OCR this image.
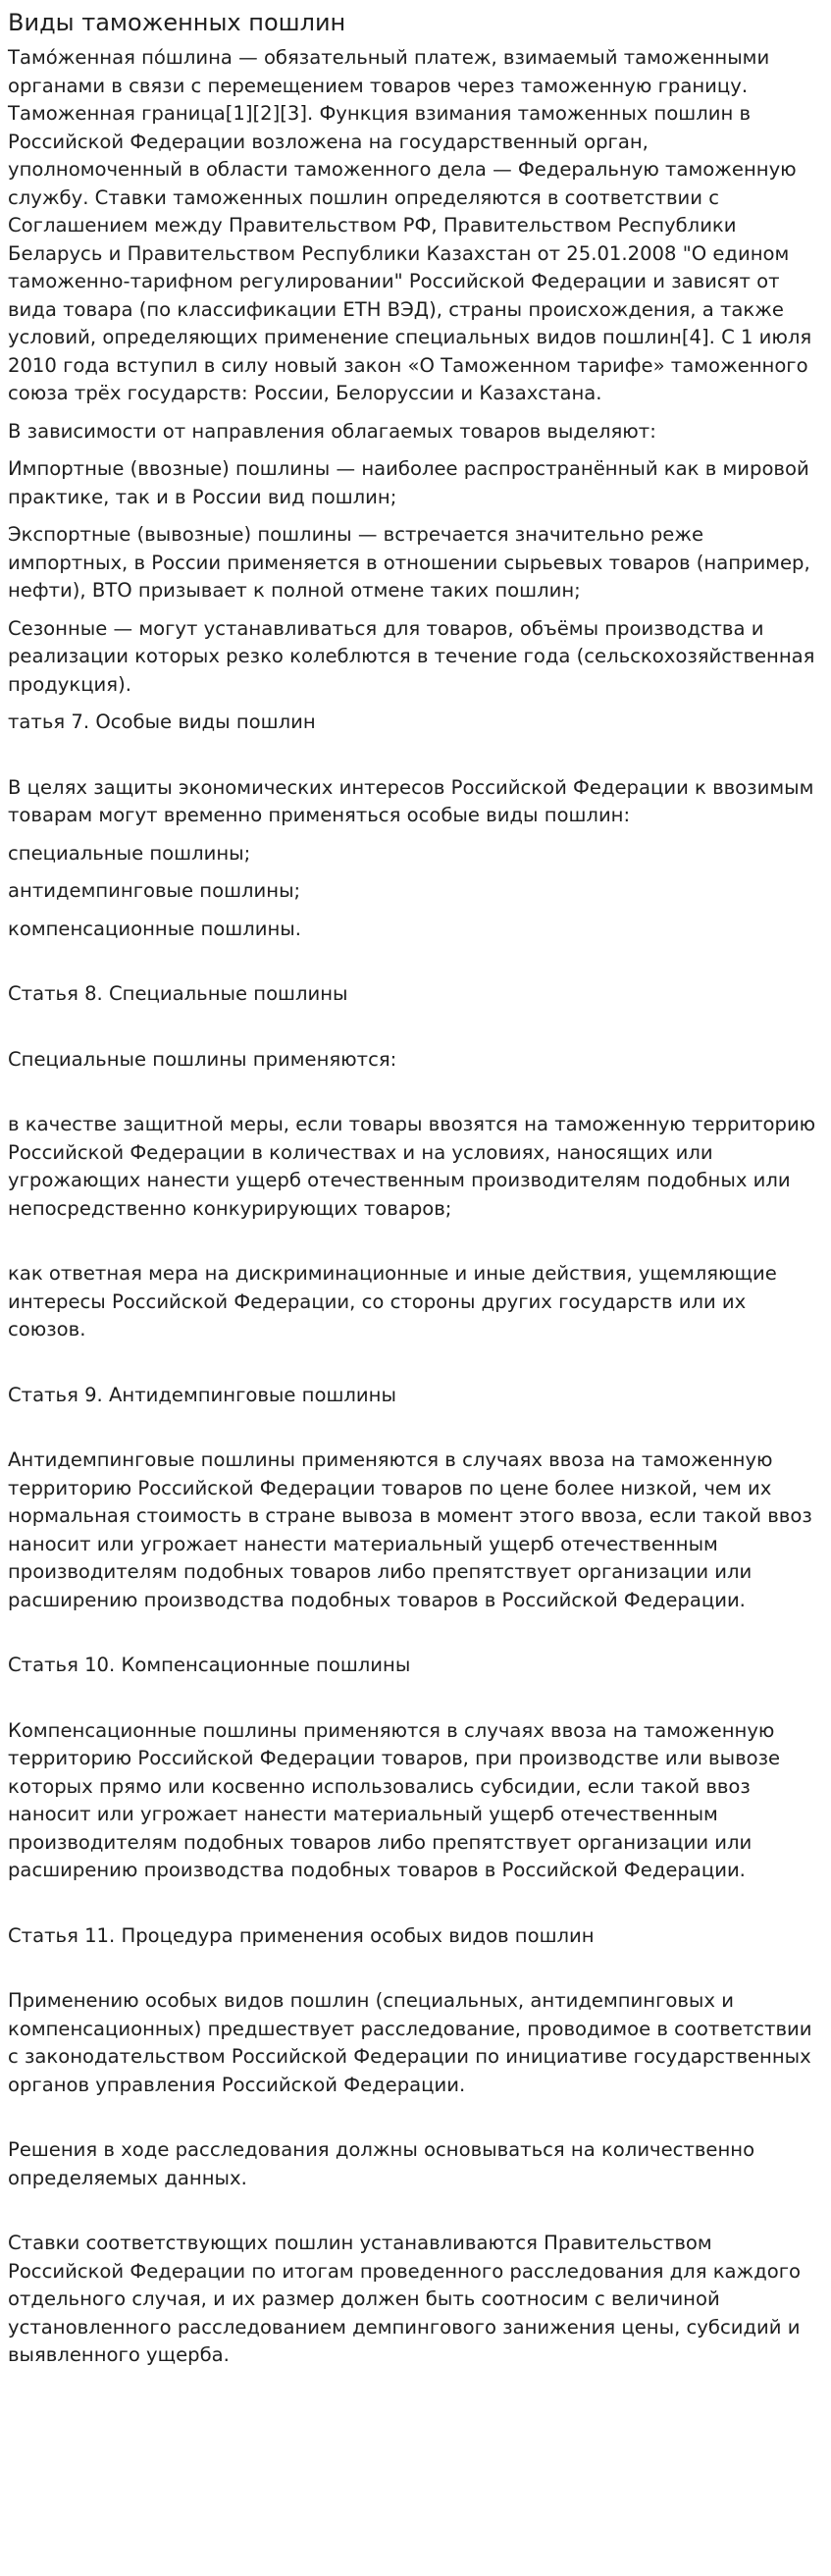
Виды таможенных пошлин

Тамо́женная по́шлина — обязательный платеж, взимаемый таможенными органами в связи с перемещением товаров через таможенную границу. Таможенная граница[1][2][3]. Функция взимания таможенных пошлин в Российской Федерации возложена на государственный орган, уполномоченный в области таможенного дела — Федеральную таможенную службу. Ставки таможенных пошлин определяются в соответствии с Соглашением между Правительством РФ, Правительством Республики Беларусь и Правительством Республики Казахстан от 25.01.2008 "О едином таможенно-тарифном регулировании" Российской Федерации и зависят от вида товара (по классификации ЕТН ВЭД), страны происхождения, а также условий, определяющих применение специальных видов пошлин[4]. С 1 июля 2010 года вступил в силу новый закон «О Таможенном тарифе» таможенного союза трёх государств: России, Белоруссии и Казахстана.

В зависимости от направления облагаемых товаров выделяют:

Импортные (ввозные) пошлины — наиболее распространённый как в мировой практике, так и в России вид пошлин;

Экспортные (вывозные) пошлины — встречается значительно реже импортных, в России применяется в отношении сырьевых товаров (например, нефти), ВТО призывает к полной отмене таких пошлин;

Сезонные — могут устанавливаться для товаров, объёмы производства и реализации которых резко колеблются в течение года (сельскохозяйственная продукция).

татья 7. Особые виды пошлин

В целях защиты экономических интересов Российской Федерации к ввозимым товарам могут временно применяться особые виды пошлин:

специальные пошлины;

антидемпинговые пошлины;

компенсационные пошлины.

Статья 8. Специальные пошлины

Специальные пошлины применяются:

в качестве защитной меры, если товары ввозятся на таможенную территорию Российской Федерации в количествах и на условиях, наносящих или угрожающих нанести ущерб отечественным производителям подобных или непосредственно конкурирующих товаров;

как ответная мера на дискриминационные и иные действия, ущемляющие интересы Российской Федерации, со стороны других государств или их союзов.

Статья 9. Антидемпинговые пошлины

Антидемпинговые пошлины применяются в случаях ввоза на таможенную территорию Российской Федерации товаров по цене более низкой, чем их нормальная стоимость в стране вывоза в момент этого ввоза, если такой ввоз наносит или угрожает нанести материальный ущерб отечественным производителям подобных товаров либо препятствует организации или расширению производства подобных товаров в Российской Федерации.

Статья 10. Компенсационные пошлины

Компенсационные пошлины применяются в случаях ввоза на таможенную территорию Российской Федерации товаров, при производстве или вывозе которых прямо или косвенно использовались субсидии, если такой ввоз наносит или угрожает нанести материальный ущерб отечественным производителям подобных товаров либо препятствует организации или расширению производства подобных товаров в Российской Федерации.

Статья 11. Процедура применения особых видов пошлин

Применению особых видов пошлин (специальных, антидемпинговых и компенсационных) предшествует расследование, проводимое в соответствии с законодательством Российской Федерации по инициативе государственных органов управления Российской Федерации.

Решения в ходе расследования должны основываться на количественно определяемых данных.

Ставки соответствующих пошлин устанавливаются Правительством Российской Федерации по итогам проведенного расследования для каждого отдельного случая, и их размер должен быть соотносим с величиной установленного расследованием демпингового занижения цены, субсидий и выявленного ущерба.
